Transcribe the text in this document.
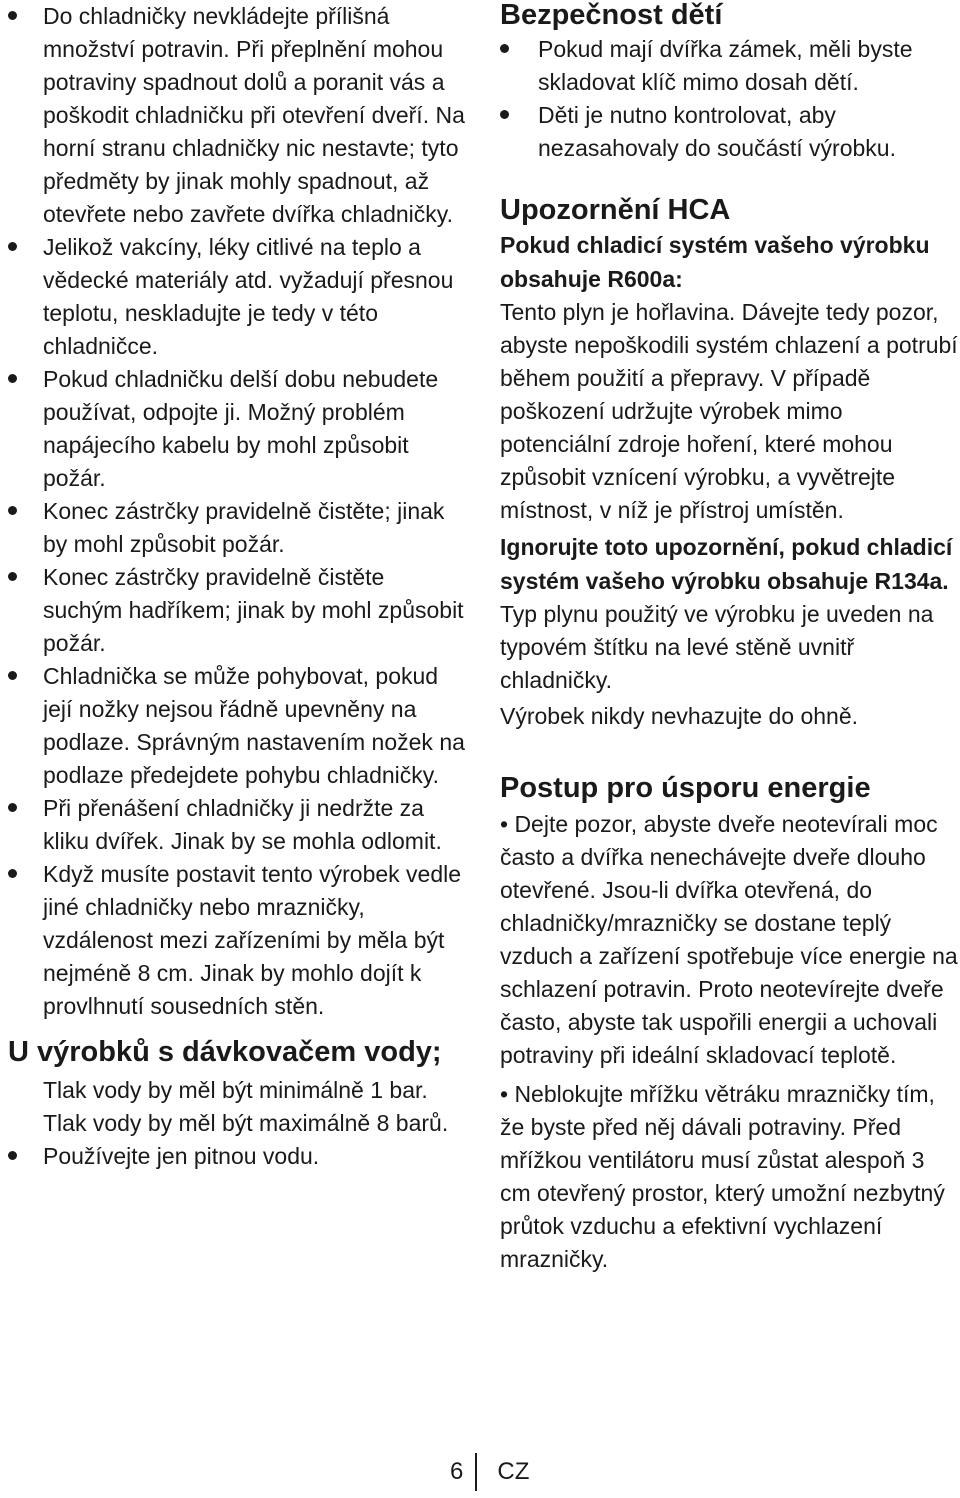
Do chladničky nevkládejte přílišná množství potravin. Při přeplnění mohou potraviny spadnout dolů a poranit vás a poškodit chladničku při otevření dveří. Na horní stranu chladničky nic nestavte; tyto předměty by jinak mohly spadnout, až otevřete nebo zavřete dvířka chladničky.
Jelikož vakcíny, léky citlivé na teplo a vědecké materiály atd. vyžadují přesnou teplotu, neskladujte je tedy v této chladničce.
Pokud chladničku delší dobu nebudete používat, odpojte ji. Možný problém napájecího kabelu by mohl způsobit požár.
Konec zástrčky pravidelně čistěte; jinak by mohl způsobit požár.
Konec zástrčky pravidelně čistěte suchým hadříkem; jinak by mohl způsobit požár.
Chladnička se může pohybovat, pokud její nožky nejsou řádně upevněny na podlaze. Správným nastavením nožek na podlaze předejdete pohybu chladničky.
Při přenášení chladničky ji nedržte za kliku dvířek. Jinak by se mohla odlomit.
Když musíte postavit tento výrobek vedle jiné chladničky nebo mrazničky, vzdálenost mezi zařízeními by měla být nejméně 8 cm. Jinak by mohlo dojít k provlhnutí sousedních stěn.
U výrobků s dávkovačem vody;
Tlak vody by měl být minimálně 1 bar. Tlak vody by měl být maximálně 8 barů.
Používejte jen pitnou vodu.
Bezpečnost dětí
Pokud mají dvířka zámek, měli byste skladovat klíč mimo dosah dětí.
Děti je nutno kontrolovat, aby nezasahovaly do součástí výrobku.
Upozornění HCA
Pokud chladicí systém vašeho výrobku obsahuje R600a:

Tento plyn je hořlavina. Dávejte tedy pozor, abyste nepoškodili systém chlazení a potrubí během použití a přepravy. V případě poškození udržujte výrobek mimo potenciální zdroje hoření, které mohou způsobit vznícení výrobku, a vyvětrejte místnost, v níž je přístroj umístěn.

Ignorujte toto upozornění, pokud chladicí systém vašeho výrobku obsahuje R134a.

Typ plynu použitý ve výrobku je uveden na typovém štítku na levé stěně uvnitř chladničky.

Výrobek nikdy nevhazujte do ohně.

Postup pro úsporu energie

• Dejte pozor, abyste dveře neotevírali moc často a dvířka nenechávejte dveře dlouho otevřené. Jsou-li dvířka otevřená, do chladničky/mrazničky se dostane teplý vzduch a zařízení spotřebuje více energie na schlazení potravin. Proto neotevírejte dveře často, abyste tak uspořili energii a uchovali potraviny při ideální skladovací teplotě.

• Neblokujte mřížku větráku mrazničky tím, že byste před něj dávali potraviny. Před mřížkou ventilátoru musí zůstat alespoň 3 cm otevřený prostor, který umožní nezbytný průtok vzduchu a efektivní vychlazení mrazničky.

6 CZ
